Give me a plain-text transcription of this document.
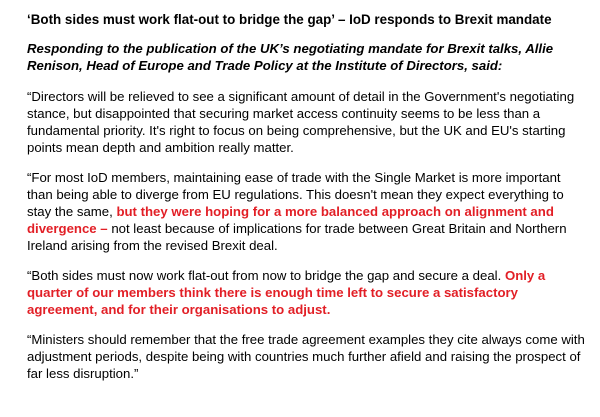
‘Both sides must work flat-out to bridge the gap’ – IoD responds to Brexit mandate
Responding to the publication of the UK’s negotiating mandate for Brexit talks, Allie Renison, Head of Europe and Trade Policy at the Institute of Directors, said:

“Directors will be relieved to see a significant amount of detail in the Government's negotiating stance, but disappointed that securing market access continuity seems to be less than a fundamental priority. It's right to focus on being comprehensive, but the UK and EU's starting points mean depth and ambition really matter.

“For most IoD members, maintaining ease of trade with the Single Market is more important than being able to diverge from EU regulations. This doesn't mean they expect everything to stay the same, but they were hoping for a more balanced approach on alignment and divergence – not least because of implications for trade between Great Britain and Northern Ireland arising from the revised Brexit deal.

“Both sides must now work flat-out from now to bridge the gap and secure a deal. Only a quarter of our members think there is enough time left to secure a satisfactory agreement, and for their organisations to adjust.

“Ministers should remember that the free trade agreement examples they cite always come with adjustment periods, despite being with countries much further afield and raising the prospect of far less disruption.”
